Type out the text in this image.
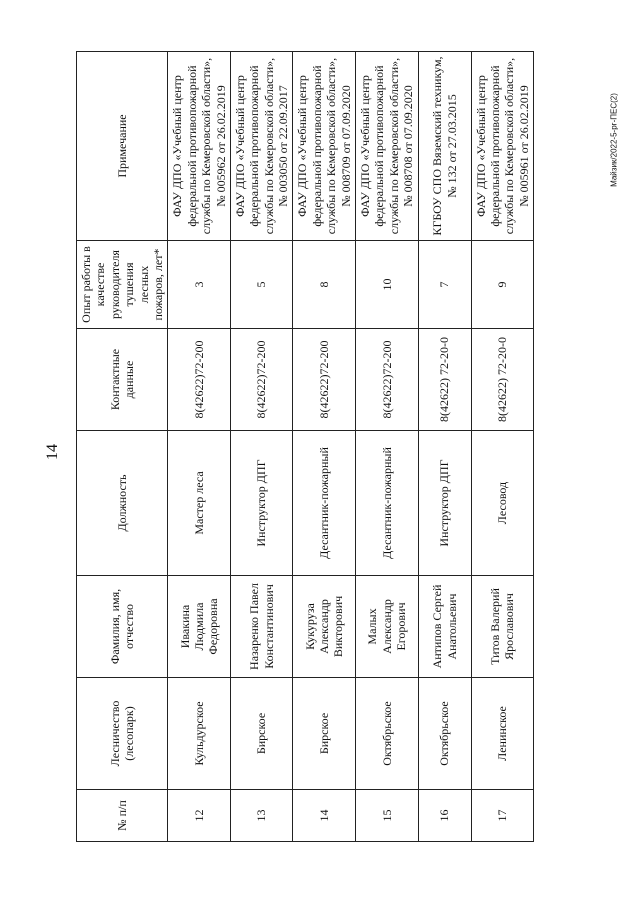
14
Майзик/2022-5-рг-ПЕС(2)
№ п/п	Лесничество (лесопарк)	Фамилия, имя, отчество	Должность	Контактные данные	Опыт работы в качестве руководителя тушения лесных пожаров, лет*	Примечание
12	Кульдурское	Ивакина Людмила Федоровна	Мастер леса	8(42622)72-200	3	ФАУ ДПО «Учебный центр федеральной противопожарной службы по Кемеровской области», № 005962 от 26.02.2019
13	Бирское	Назаренко Павел Константинович	Инструктор ДПГ	8(42622)72-200	5	ФАУ ДПО «Учебный центр федеральной противопожарной службы по Кемеровской области», № 003050 от 22.09.2017
14	Бирское	Кукуруза Александр Викторович	Десантник-пожарный	8(42622)72-200	8	ФАУ ДПО «Учебный центр федеральной противопожарной службы по Кемеровской области», № 008709 от 07.09.2020
15	Октябрьское	Малых Александр Егорович	Десантник-пожарный	8(42622)72-200	10	ФАУ ДПО «Учебный центр федеральной противопожарной службы по Кемеровской области», № 008708 от 07.09.2020
16	Октябрьское	Антипов Сергей Анатольевич	Инструктор ДПГ	8(42622) 72-20-0	7	КГБОУ СПО Вяземский техникум, № 132 от 27.03.2015
17	Ленинское	Титов Валерий Ярославович	Лесовод	8(42622) 72-20-0	9	ФАУ ДПО «Учебный центр федеральной противопожарной службы по Кемеровской области», № 005961 от 26.02.2019
